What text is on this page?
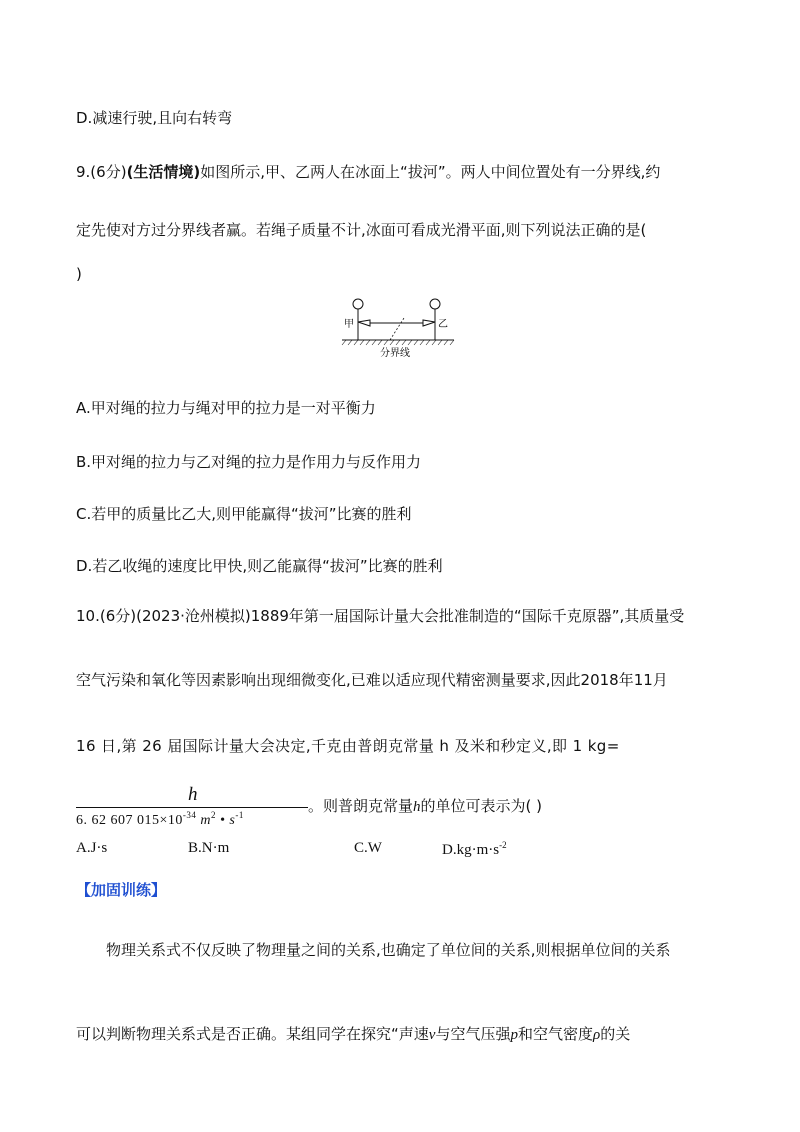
D.减速行驶,且向右转弯
9.(6分)(生活情境)如图所示,甲、乙两人在冰面上“拔河”。两人中间位置处有一分界线,约
定先使对方过分界线者赢。若绳子质量不计,冰面可看成光滑平面,则下列说法正确的是(
)
甲	乙
分界线
A.甲对绳的拉力与绳对甲的拉力是一对平衡力
B.甲对绳的拉力与乙对绳的拉力是作用力与反作用力
C.若甲的质量比乙大,则甲能赢得“拔河”比赛的胜利
D.若乙收绳的速度比甲快,则乙能赢得“拔河”比赛的胜利
10.(6分)(2023·沧州模拟)1889年第一届国际计量大会批准制造的“国际千克原器”,其质量受
空气污染和氧化等因素影响出现细微变化,已难以适应现代精密测量要求,因此2018年11月
16 日,第 26 届国际计量大会决定,千克由普朗克常量 h 及米和秒定义,即 1 kg=
h
6. 62 607 $015\times 10^{-34}$ $m^2$ • $s^{-1}$	。则普朗克常量h的单位可表示为( )
A.J·s	B.N·m	C.W	$D.kg\cdot m\cdot s^{-2}$
【加固训练】
物理关系式不仅反映了物理量之间的关系,也确定了单位间的关系,则根据单位间的关系
可以判断物理关系式是否正确。某组同学在探究“声速v与空气压强p和空气密度ρ的关
